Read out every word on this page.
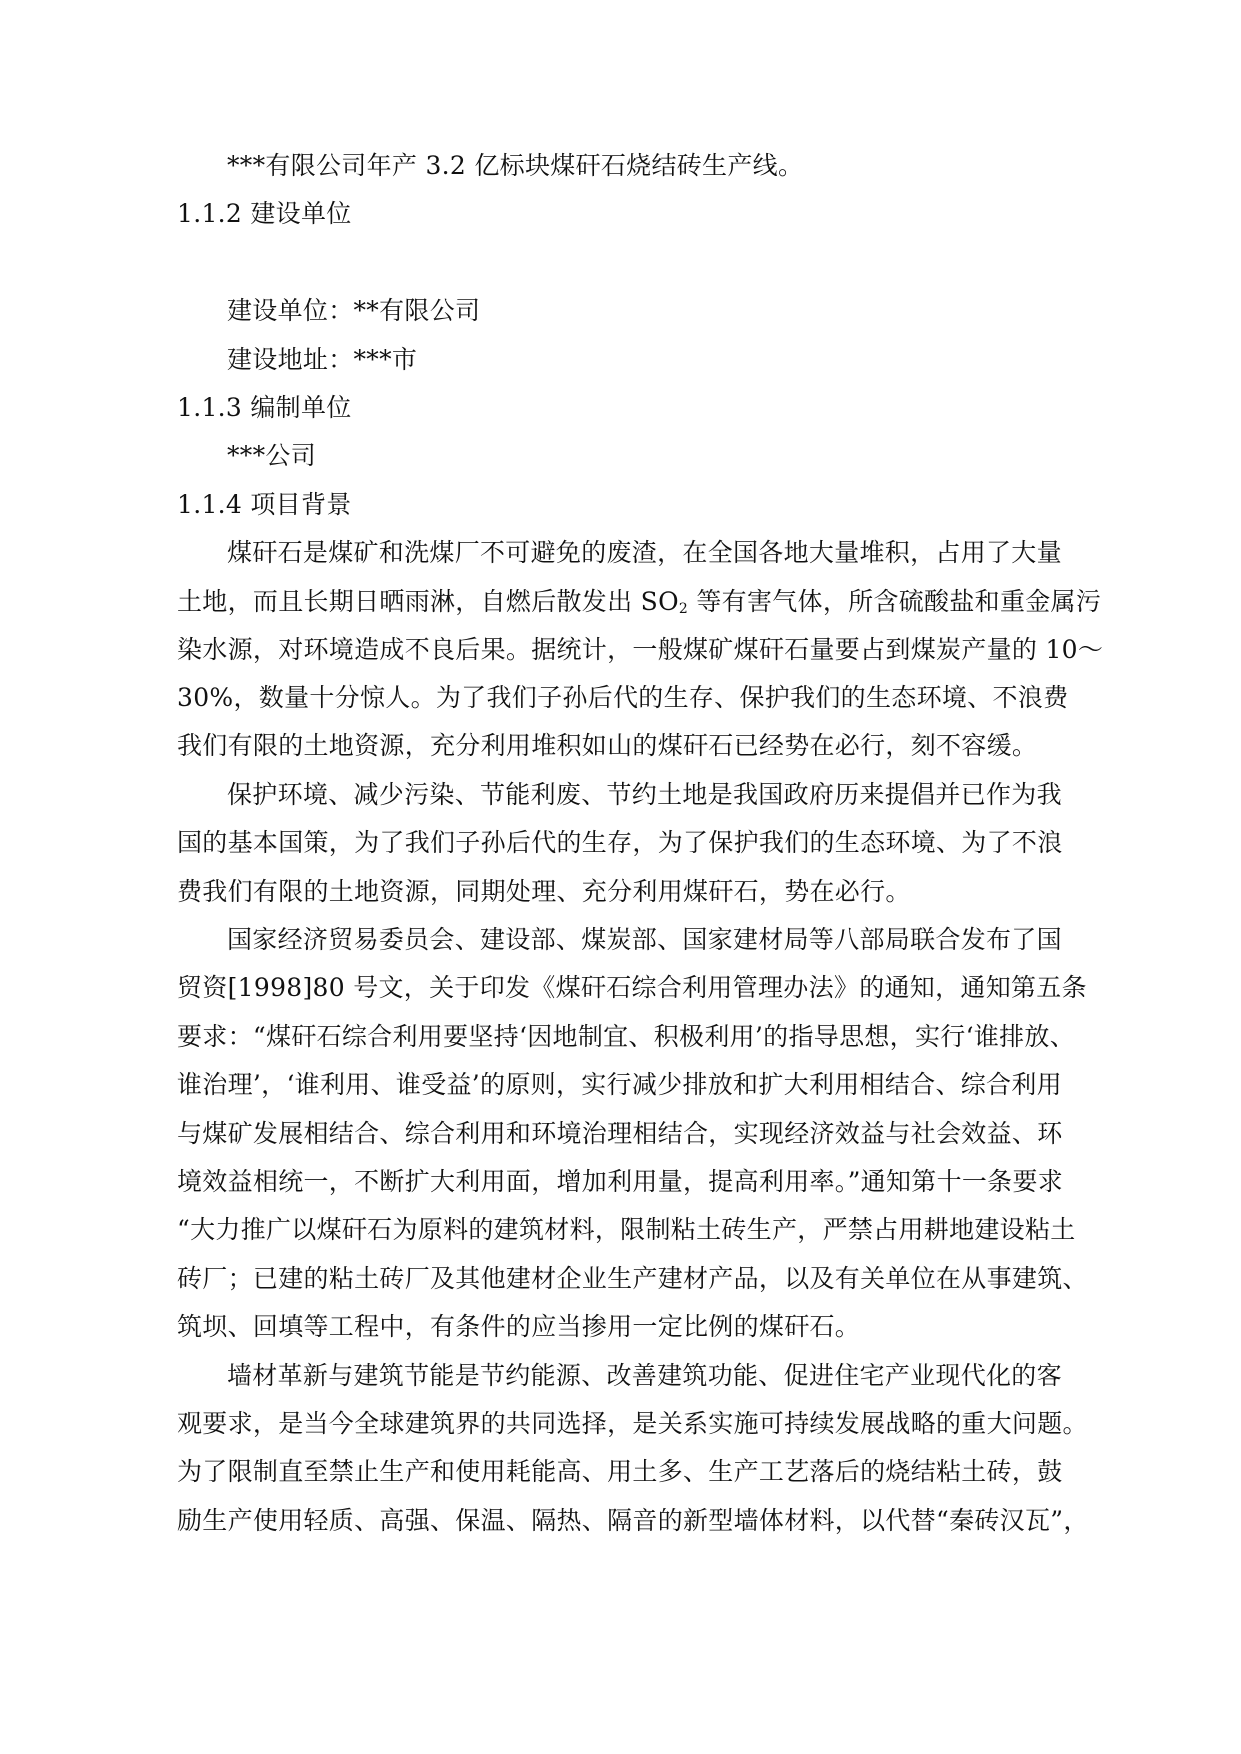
***有限公司年产 3.2 亿标块煤矸石烧结砖生产线。
1.1.2 建设单位
建设单位：**有限公司
建设地址：***市
1.1.3 编制单位
***公司
1.1.4 项目背景
煤矸石是煤矿和洗煤厂不可避免的废渣，在全国各地大量堆积，占用了大量
土地，而且长期日晒雨淋，自燃后散发出 $SO_2$ 等有害气体，所含硫酸盐和重金属污
染水源，对环境造成不良后果。据统计，一般煤矿煤矸石量要占到煤炭产量的 10～
30%，数量十分惊人。为了我们子孙后代的生存、保护我们的生态环境、不浪费
我们有限的土地资源，充分利用堆积如山的煤矸石已经势在必行，刻不容缓。
保护环境、减少污染、节能利废、节约土地是我国政府历来提倡并已作为我
国的基本国策，为了我们子孙后代的生存，为了保护我们的生态环境、为了不浪
费我们有限的土地资源，同期处理、充分利用煤矸石，势在必行。
国家经济贸易委员会、建设部、煤炭部、国家建材局等八部局联合发布了国
贸资[1998]80 号文，关于印发《煤矸石综合利用管理办法》的通知，通知第五条
要求：“煤矸石综合利用要坚持‘因地制宜、积极利用’的指导思想，实行‘谁排放、
谁治理’，‘谁利用、谁受益’的原则，实行减少排放和扩大利用相结合、综合利用
与煤矿发展相结合、综合利用和环境治理相结合，实现经济效益与社会效益、环
境效益相统一，不断扩大利用面，增加利用量，提高利用率。”通知第十一条要求
“大力推广以煤矸石为原料的建筑材料，限制粘土砖生产，严禁占用耕地建设粘土
砖厂；已建的粘土砖厂及其他建材企业生产建材产品，以及有关单位在从事建筑、
筑坝、回填等工程中，有条件的应当掺用一定比例的煤矸石。
墙材革新与建筑节能是节约能源、改善建筑功能、促进住宅产业现代化的客
观要求，是当今全球建筑界的共同选择，是关系实施可持续发展战略的重大问题。
为了限制直至禁止生产和使用耗能高、用土多、生产工艺落后的烧结粘土砖，鼓
励生产使用轻质、高强、保温、隔热、隔音的新型墙体材料，以代替“秦砖汉瓦”，
